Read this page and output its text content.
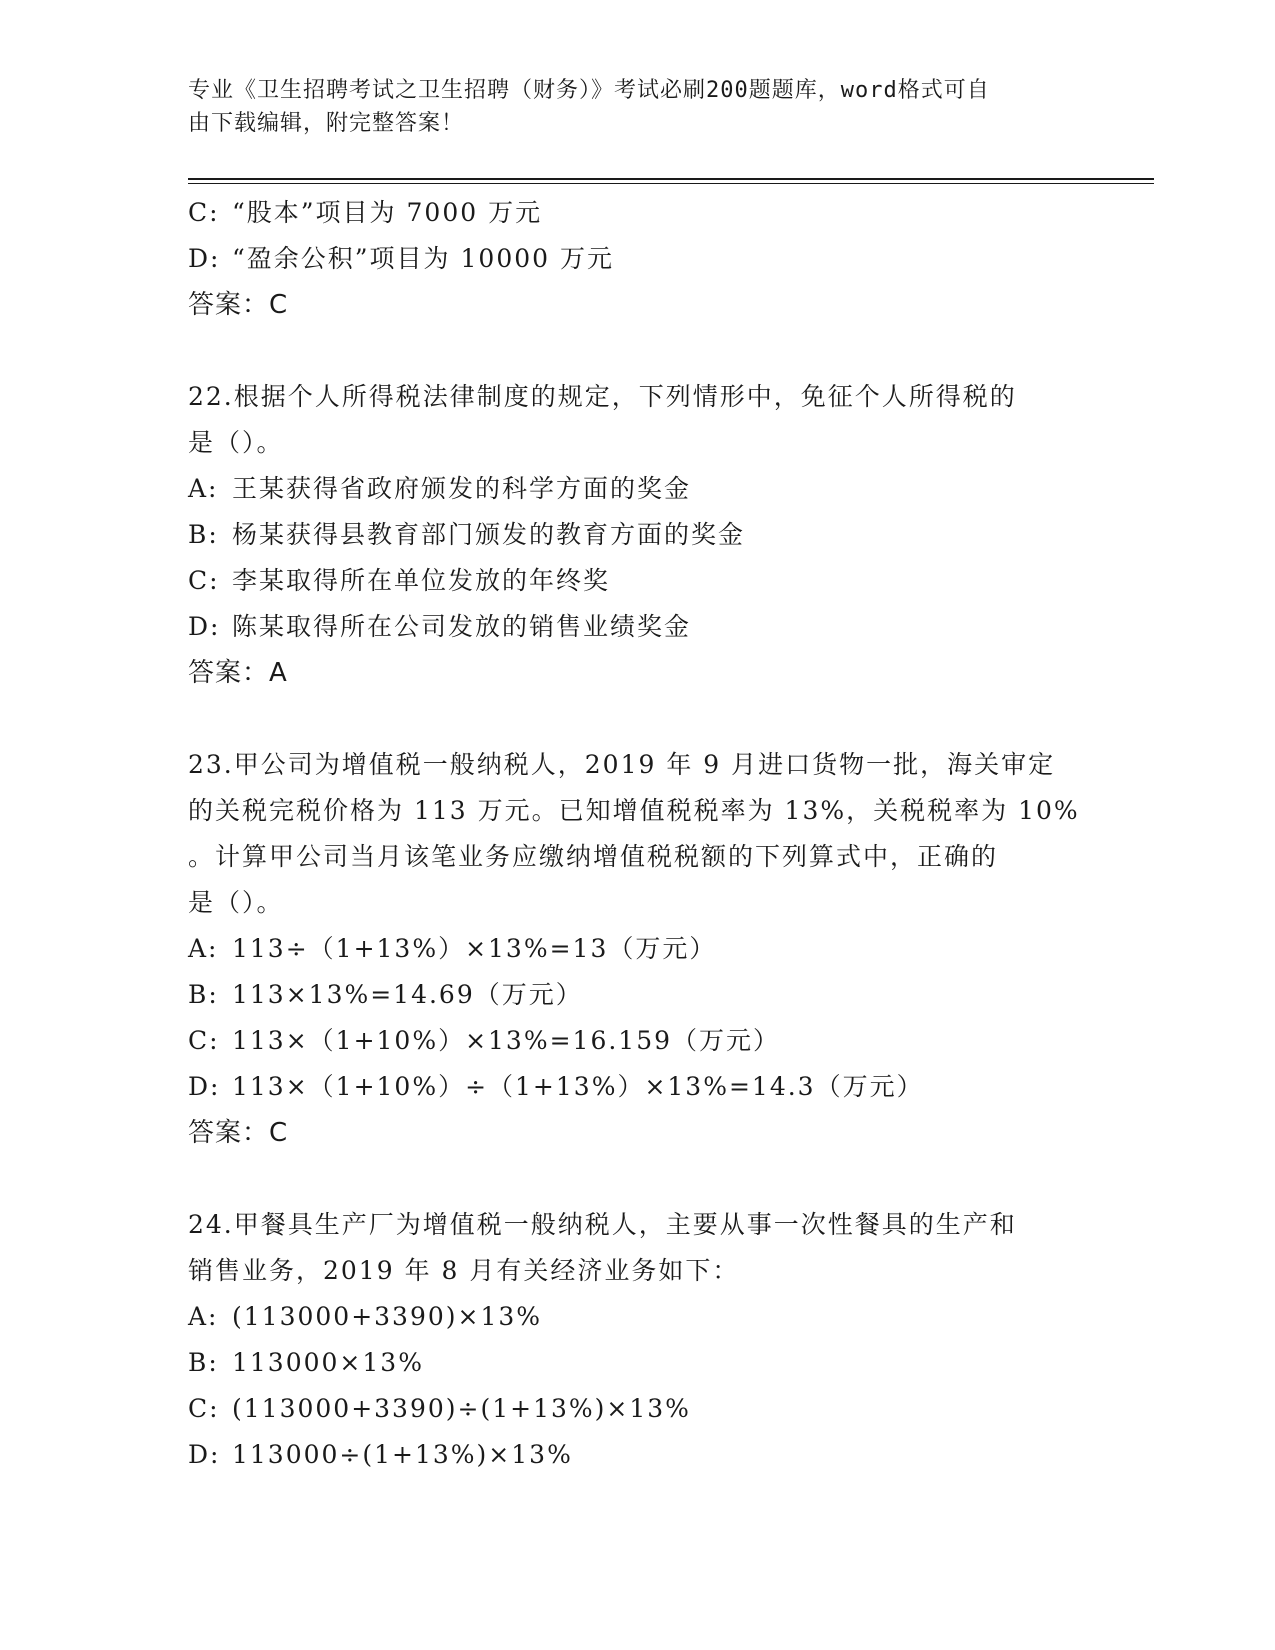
专业《卫生招聘考试之卫生招聘（财务）》考试必刷200题题库，word格式可自
由下载编辑，附完整答案！
C: “股本”项目为 7000 万元
D: “盈余公积”项目为 10000 万元
答案：C
22.根据个人所得税法律制度的规定，下列情形中，免征个人所得税的
是（）。
A: 王某获得省政府颁发的科学方面的奖金
B: 杨某获得县教育部门颁发的教育方面的奖金
C: 李某取得所在单位发放的年终奖
D: 陈某取得所在公司发放的销售业绩奖金
答案：A
23.甲公司为增值税一般纳税人，2019 年 9 月进口货物一批，海关审定
的关税完税价格为 113 万元。已知增值税税率为 13%，关税税率为 10%
。计算甲公司当月该笔业务应缴纳增值税税额的下列算式中，正确的
是（）。
A: 113÷（1+13%）×13%=13（万元）
B: 113×13%=14.69（万元）
C: 113×（1+10%）×13%=16.159（万元）
D: 113×（1+10%）÷（1+13%）×13%=14.3（万元）
答案：C
24.甲餐具生产厂为增值税一般纳税人，主要从事一次性餐具的生产和
销售业务，2019 年 8 月有关经济业务如下：
A: (113000+3390)×13%
B: 113000×13%
C: (113000+3390)÷(1+13%)×13%
D: 113000÷(1+13%)×13%
